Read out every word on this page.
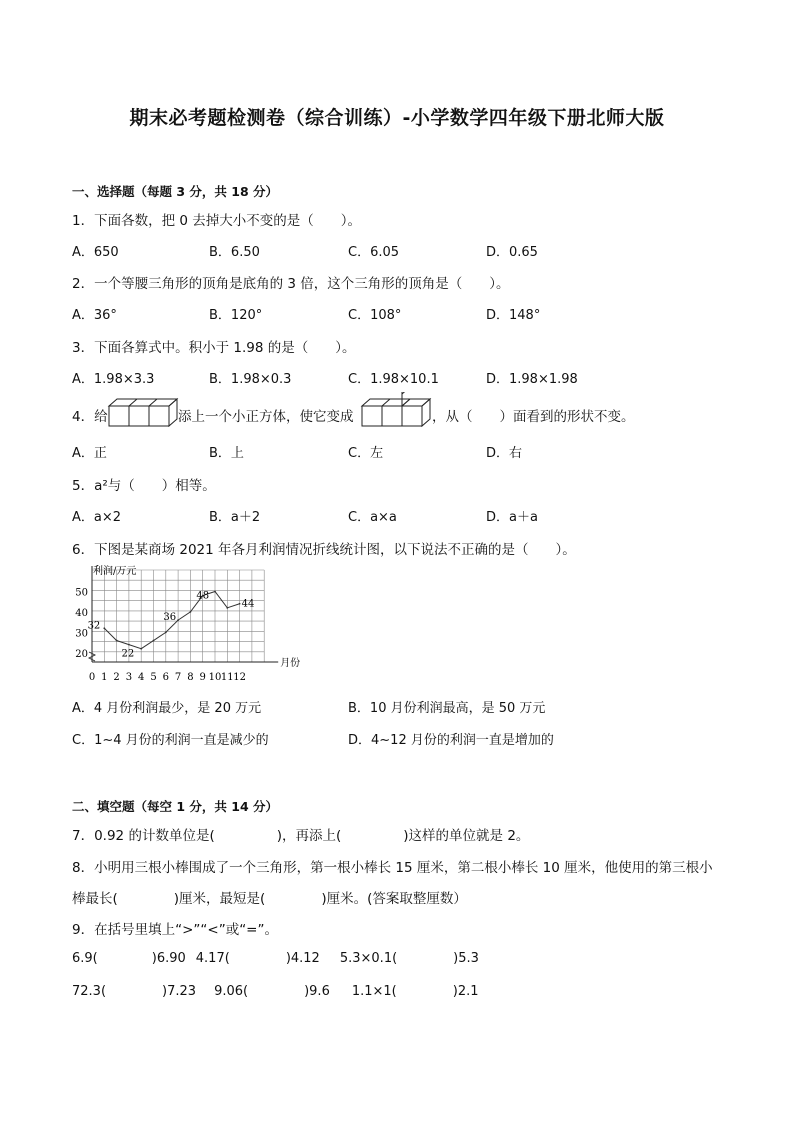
期末必考题检测卷（综合训练）-小学数学四年级下册北师大版
一、选择题（每题 3 分，共 18 分）
1．下面各数，把 0 去掉大小不变的是（　　）。
A．650	B．6.50	C．6.05	D．0.65
2．一个等腰三角形的顶角是底角的 3 倍，这个三角形的顶角是（　　）。
A．36°	B．120°	C．108°	D．148°
3．下面各算式中。积小于 1.98 的是（　　）。
A．1.98×3.3	B．1.98×0.3	C．1.98×10.1	D．1.98×1.98
4．给	添上一个小正方体，使它变成	，从（　　）面看到的形状不变。
A．正	B．上	C．左	D．右
5．a²与（　　）相等。
A．a×2	B．a＋2	C．a×a	D．a＋a
6．下图是某商场 2021 年各月利润情况折线统计图，以下说法不正确的是（　　）。
利润/万元
月份
20
30
40
50
0 1 2 3 4 5 6 7 8 9 10 11 12
32
22
36
48
44
A．4 月份利润最少，是 20 万元	B．10 月份利润最高，是 50 万元
C．1~4 月份的利润一直是减少的	D．4~12 月份的利润一直是增加的
二、填空题（每空 1 分，共 14 分）
7．0.92 的计数单位是(	)，再添上(	)这样的单位就是 2。
8．小明用三根小棒围成了一个三角形，第一根小棒长 15 厘米，第二根小棒长 10 厘米，他使用的第三根小
棒最长(	)厘米，最短是(	)厘米。(答案取整厘数）
9．在括号里填上“>”“<”或“=”。
6.9(	)6.90 4.17(	)4.12 5.3×0.1(	)5.3
72.3(	)7.23 9.06(	)9.6 1.1×1(	)2.1
